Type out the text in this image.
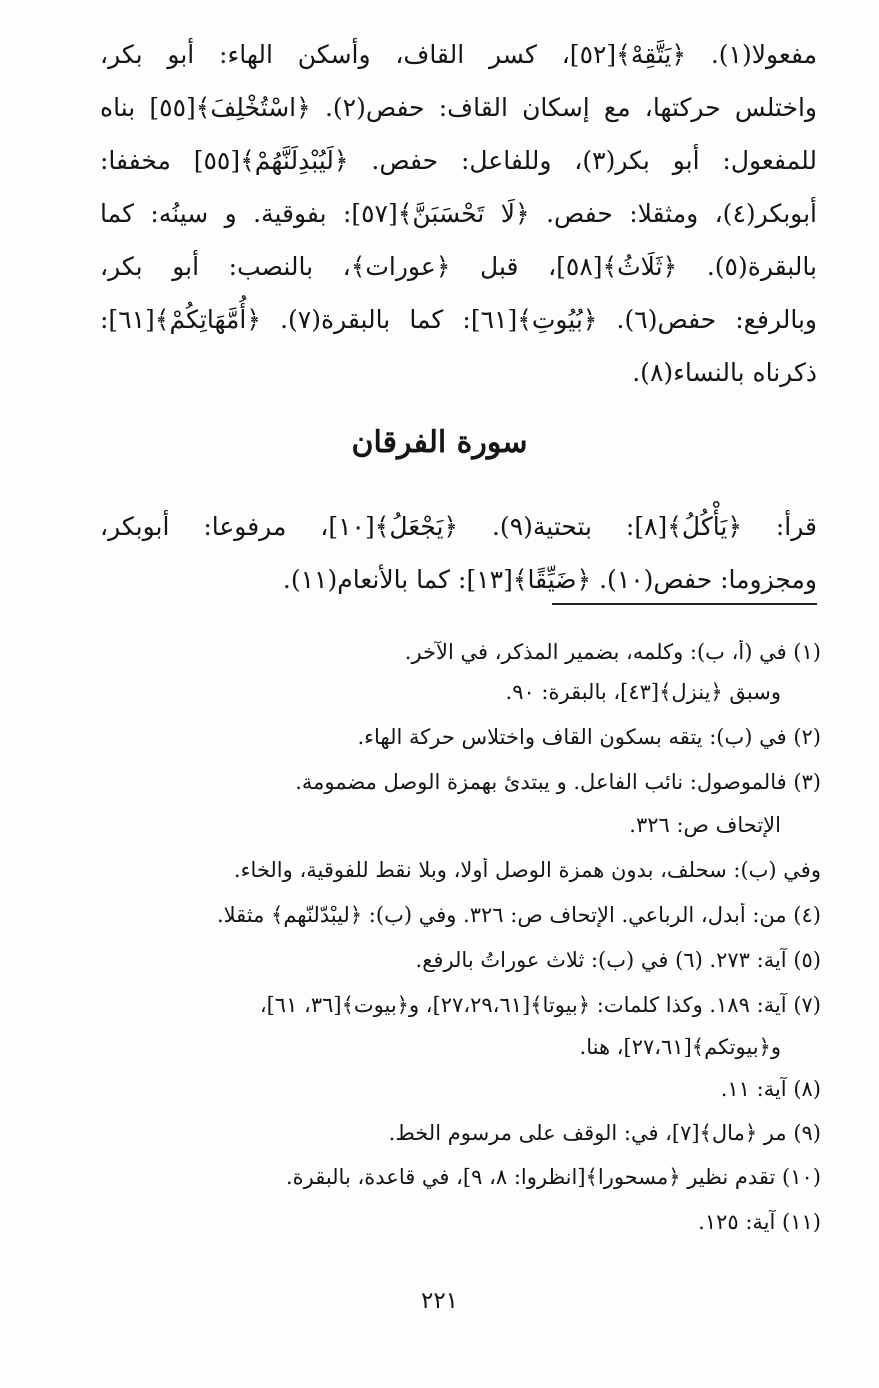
مفعولا(١). ﴿يَتَّقِهْ﴾[٥٢]، كسر القاف، وأسكن الهاء: أبو بكر،
واختلس حركتها، مع إسكان القاف: حفص(٢). ﴿اسْتُخْلِفَ﴾[٥٥] بناه
للمفعول: أبو بكر(٣)، وللفاعل: حفص. ﴿لَيُبْدِلَنَّهُمْ﴾[٥٥] مخففا:
أبوبكر(٤)، ومثقلا: حفص. ﴿لَا تَحْسَبَنَّ﴾[٥٧]: بفوقية. و سينُه: كما
بالبقرة(٥). ﴿ثَلَاثُ﴾[٥٨]، قبل ﴿عورات﴾، بالنصب: أبو بكر،
وبالرفع: حفص(٦). ﴿بُيُوتِ﴾[٦١]: كما بالبقرة(٧). ﴿أُمَّهَاتِكُمْ﴾[٦١]:
ذكرناه بالنساء(٨).

سورة الفرقان

قرأ: ﴿يَأْكُلُ﴾[٨]: بتحتية(٩). ﴿يَجْعَلُ﴾[١٠]، مرفوعا: أبوبكر،
ومجزوما: حفص(١٠). ﴿ضَيِّقًا﴾[١٣]: كما بالأنعام(١١).

(١) في (أ، ب): وكلمه، بضمير المذكر، في الآخر.
وسبق ﴿ينزل﴾[٤٣]، بالبقرة: ٩٠.
(٢) في (ب): يتقه بسكون القاف واختلاس حركة الهاء.
(٣) فالموصول: نائب الفاعل. و يبتدئ بهمزة الوصل مضمومة.
الإتحاف ص: ٣٢٦.
وفي (ب): سحلف، بدون همزة الوصل أولا، وبلا نقط للفوقية، والخاء.
(٤) من: أبدل، الرباعي. الإتحاف ص: ٣٢٦. وفي (ب): ﴿ليبْدّلنّهم﴾ مثقلا.
(٥) آية: ٢٧٣. (٦) في (ب): ثلاث عوراتُ بالرفع.
(٧) آية: ١٨٩. وكذا كلمات: ﴿بيوتا﴾[٢٧،٢٩،٦١]، و﴿بيوت﴾[٣٦، ٦١]،
و﴿بيوتكم﴾[٢٧،٦١]، هنا.
(٨) آية: ١١.
(٩) مر ﴿مال﴾[٧]، في: الوقف على مرسوم الخط.
(١٠) تقدم نظير ﴿مسحورا﴾[انظروا: ٨، ٩]، في قاعدة، بالبقرة.
(١١) آية: ١٢٥.
٢٢١
